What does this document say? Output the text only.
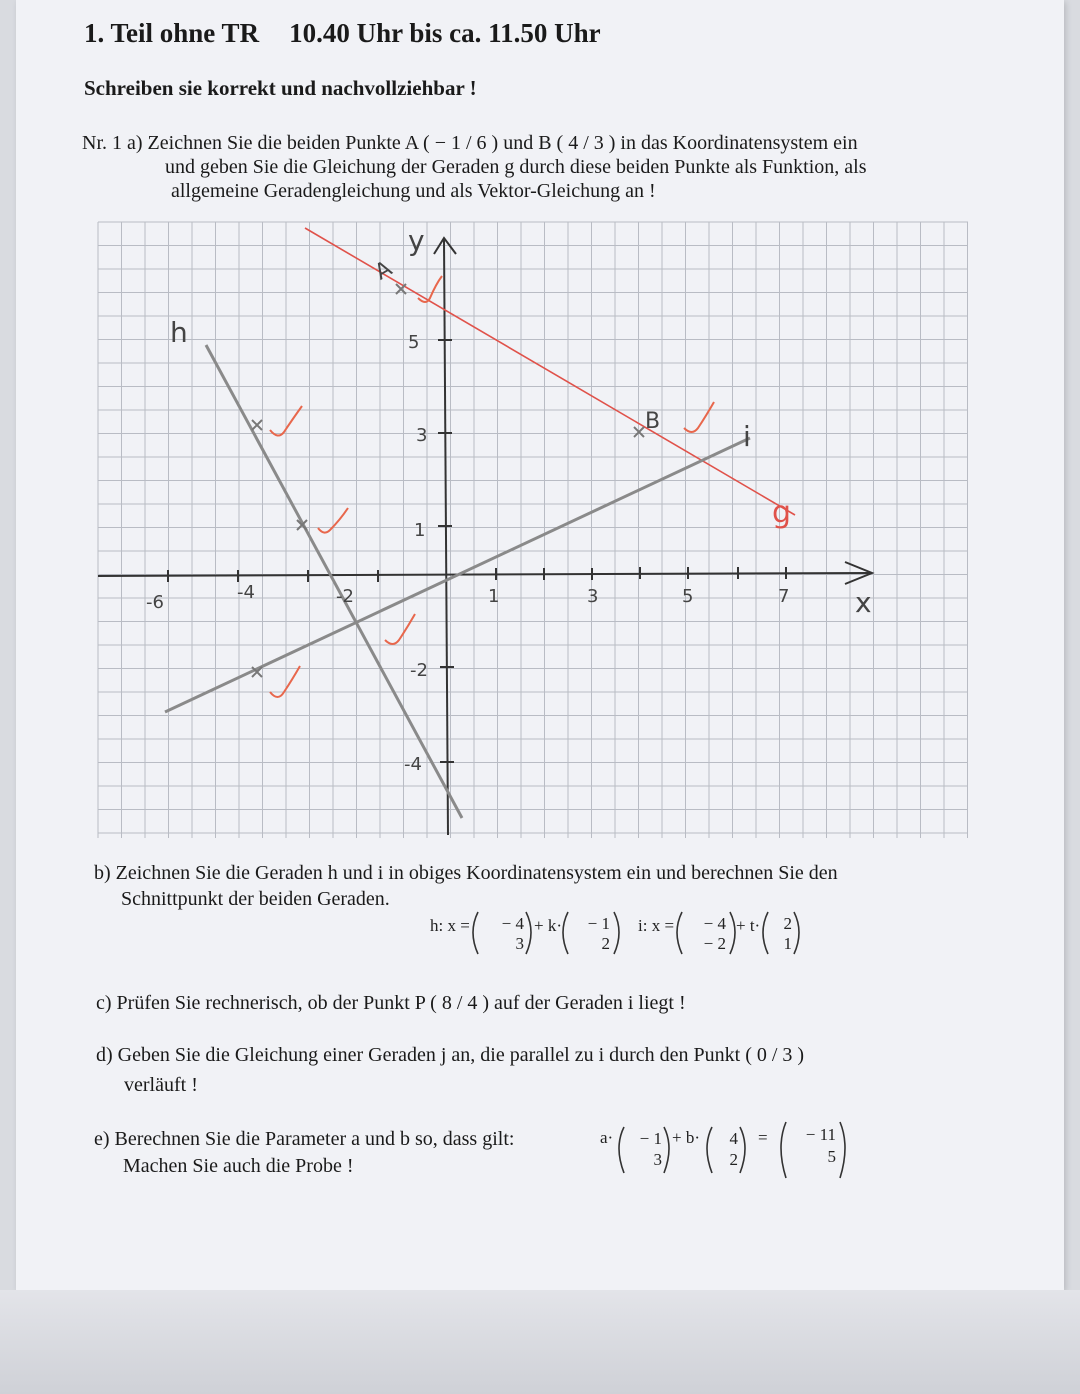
1. Teil ohne TR 10.40 Uhr bis ca. 11.50 Uhr
Schreiben sie korrekt und nachvollziehbar !
Nr. 1 a) Zeichnen Sie die beiden Punkte A ( − 1 / 6 ) und B ( 4 / 3 ) in das Koordinatensystem ein
und geben Sie die Gleichung der Geraden g durch diese beiden Punkte als Funktion, als
allgemeine Geradengleichung und als Vektor-Gleichung an !
-6	-4	-2	1	3	5	7
5
3
1
-2
-4
x
y
h
i
A
B
g
b) Zeichnen Sie die Geraden h und i in obiges Koordinatensystem ein und berechnen Sie den
Schnittpunkt der beiden Geraden.
h: x =	− 4
3
+ k·	− 1
2
i: x =	− 4
− 2
+ t·	2
1
c) Prüfen Sie rechnerisch, ob der Punkt P ( 8 / 4 ) auf der Geraden i liegt !
d) Geben Sie die Gleichung einer Geraden j an, die parallel zu i durch den Punkt ( 0 / 3 )
verläuft !
e) Berechnen Sie die Parameter a und b so, dass gilt:
Machen Sie auch die Probe !
a·	− 1
3
+ b·	4
2
=	− 11
5
